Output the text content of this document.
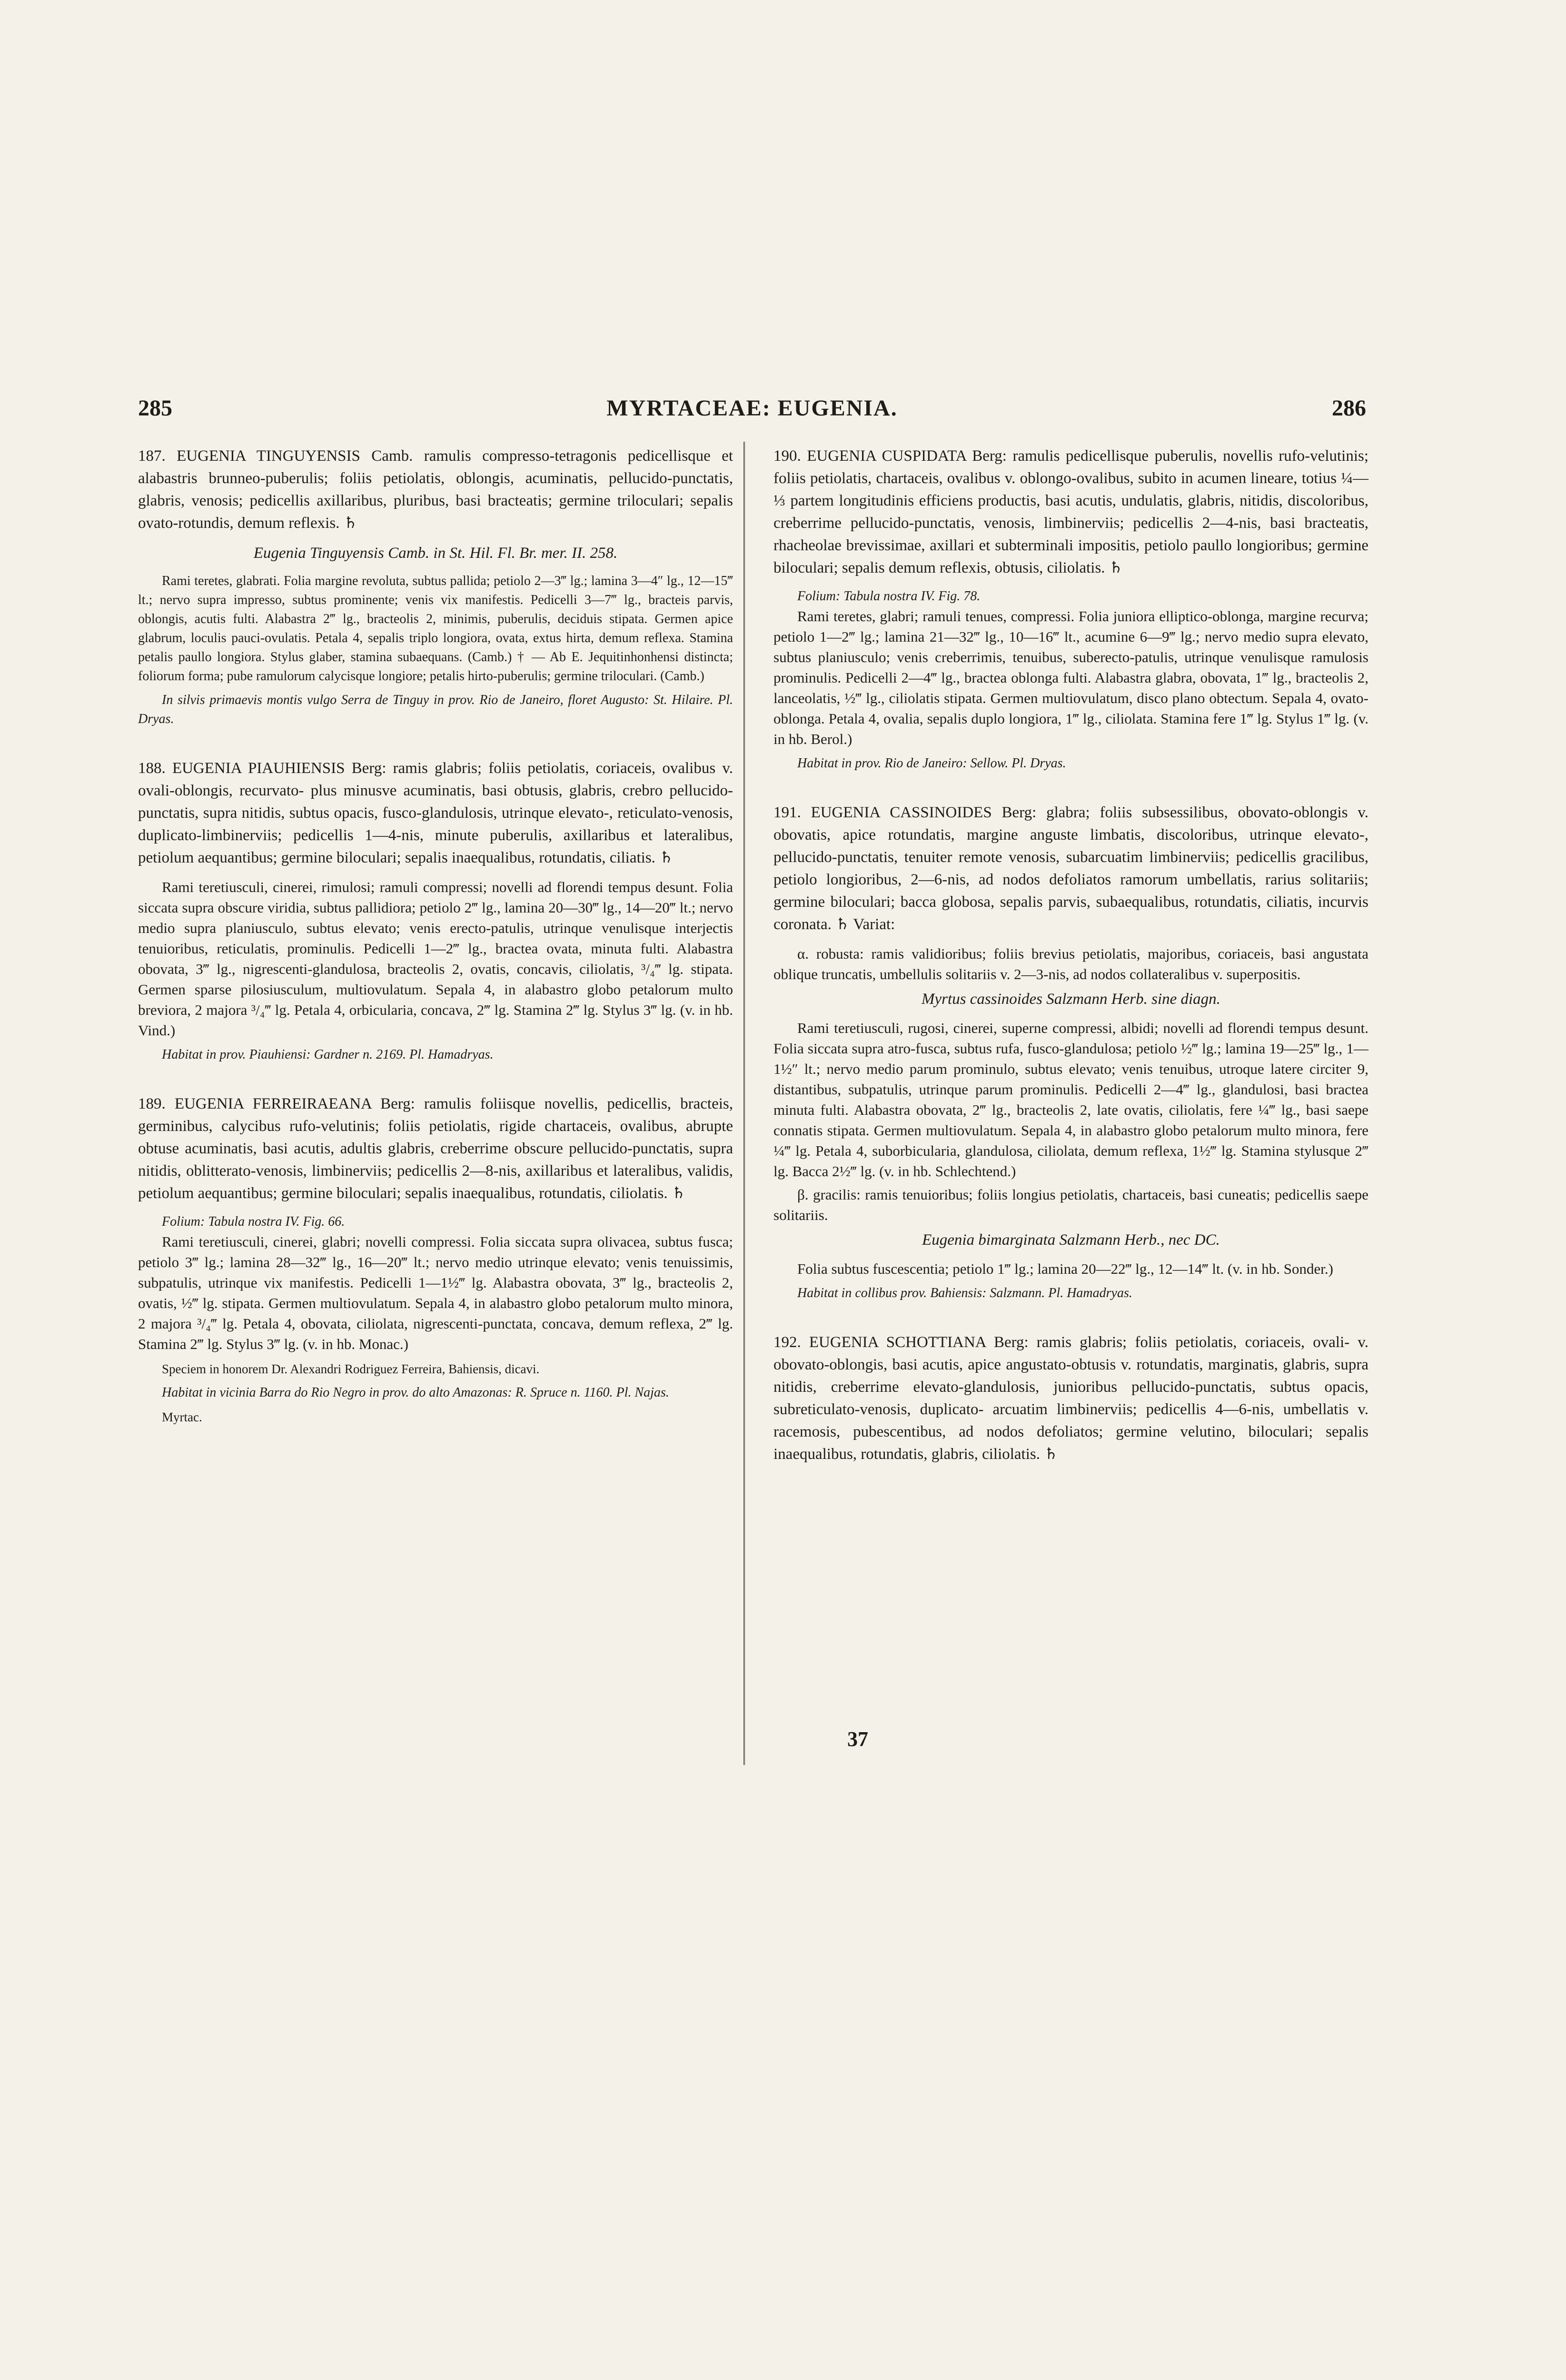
285	MYRTACEAE: EUGENIA.	286

187. EUGENIA TINGUYENSIS Camb. ramulis compresso-tetragonis pedicellisque et alabastris brunneo-puberulis; foliis petiolatis, oblongis, acuminatis, pellucido-punctatis, glabris, venosis; pedicellis axillaribus, pluribus, basi bracteatis; germine triloculari; sepalis ovato-rotundis, demum reflexis. ♄

Eugenia Tinguyensis Camb. in St. Hil. Fl. Br. mer. II. 258.

Rami teretes, glabrati. Folia margine revoluta, subtus pallida; petiolo 2—3‴ lg.; lamina 3—4″ lg., 12—15‴ lt.; nervo supra impresso, subtus prominente; venis vix manifestis. Pedicelli 3—7‴ lg., bracteis parvis, oblongis, acutis fulti. Alabastra 2‴ lg., bracteolis 2, minimis, puberulis, deciduis stipata. Germen apice glabrum, loculis pauci-ovulatis. Petala 4, sepalis triplo longiora, ovata, extus hirta, demum reflexa. Stamina petalis paullo longiora. Stylus glaber, stamina subaequans. (Camb.) † — Ab E. Jequitinhonhensi distincta; foliorum forma; pube ramulorum calycisque longiore; petalis hirto-puberulis; germine triloculari. (Camb.)

In silvis primaevis montis vulgo Serra de Tinguy in prov. Rio de Janeiro, floret Augusto: St. Hilaire. Pl. Dryas.

188. EUGENIA PIAUHIENSIS Berg: ramis glabris; foliis petiolatis, coriaceis, ovalibus v. ovali-oblongis, recurvato- plus minusve acuminatis, basi obtusis, glabris, crebro pellucido-punctatis, supra nitidis, subtus opacis, fusco-glandulosis, utrinque elevato-, reticulato-venosis, duplicato-limbinerviis; pedicellis 1—4-nis, minute puberulis, axillaribus et lateralibus, petiolum aequantibus; germine biloculari; sepalis inaequalibus, rotundatis, ciliatis. ♄

Rami teretiusculi, cinerei, rimulosi; ramuli compressi; novelli ad florendi tempus desunt. Folia siccata supra obscure viridia, subtus pallidiora; petiolo 2‴ lg., lamina 20—30‴ lg., 14—20‴ lt.; nervo medio supra planiusculo, subtus elevato; venis erecto-patulis, utrinque venulisque interjectis tenuioribus, reticulatis, prominulis. Pedicelli 1—2‴ lg., bractea ovata, minuta fulti. Alabastra obovata, 3‴ lg., nigrescenti-glandulosa, bracteolis 2, ovatis, concavis, ciliolatis, ³/₄‴ lg. stipata. Germen sparse pilosiusculum, multiovulatum. Sepala 4, in alabastro globo petalorum multo breviora, 2 majora ³/₄‴ lg. Petala 4, orbicularia, concava, 2‴ lg. Stamina 2‴ lg. Stylus 3‴ lg. (v. in hb. Vind.)

Habitat in prov. Piauhiensi: Gardner n. 2169. Pl. Hamadryas.

189. EUGENIA FERREIRAEANA Berg: ramulis foliisque novellis, pedicellis, bracteis, germinibus, calycibus rufo-velutinis; foliis petiolatis, rigide chartaceis, ovalibus, abrupte obtuse acuminatis, basi acutis, adultis glabris, creberrime obscure pellucido-punctatis, supra nitidis, oblitterato-venosis, limbinerviis; pedicellis 2—8-nis, axillaribus et lateralibus, validis, petiolum aequantibus; germine biloculari; sepalis inaequalibus, rotundatis, ciliolatis. ♄

Folium: Tabula nostra IV. Fig. 66.

Rami teretiusculi, cinerei, glabri; novelli compressi. Folia siccata supra olivacea, subtus fusca; petiolo 3‴ lg.; lamina 28—32‴ lg., 16—20‴ lt.; nervo medio utrinque elevato; venis tenuissimis, subpatulis, utrinque vix manifestis. Pedicelli 1—1½‴ lg. Alabastra obovata, 3‴ lg., bracteolis 2, ovatis, ½‴ lg. stipata. Germen multiovulatum. Sepala 4, in alabastro globo petalorum multo minora, 2 majora ³/₄‴ lg. Petala 4, obovata, ciliolata, nigrescenti-punctata, concava, demum reflexa, 2‴ lg. Stamina 2‴ lg. Stylus 3‴ lg. (v. in hb. Monac.)

Speciem in honorem Dr. Alexandri Rodriguez Ferreira, Bahiensis, dicavi.

Habitat in vicinia Barra do Rio Negro in prov. do alto Amazonas: R. Spruce n. 1160. Pl. Najas.

Myrtac.

190. EUGENIA CUSPIDATA Berg: ramulis pedicellisque puberulis, novellis rufo-velutinis; foliis petiolatis, chartaceis, ovalibus v. oblongo-ovalibus, subito in acumen lineare, totius ¼—⅓ partem longitudinis efficiens productis, basi acutis, undulatis, glabris, nitidis, discoloribus, creberrime pellucido-punctatis, venosis, limbinerviis; pedicellis 2—4-nis, basi bracteatis, rhacheolae brevissimae, axillari et subterminali impositis, petiolo paullo longioribus; germine biloculari; sepalis demum reflexis, obtusis, ciliolatis. ♄

Folium: Tabula nostra IV. Fig. 78.

Rami teretes, glabri; ramuli tenues, compressi. Folia juniora elliptico-oblonga, margine recurva; petiolo 1—2‴ lg.; lamina 21—32‴ lg., 10—16‴ lt., acumine 6—9‴ lg.; nervo medio supra elevato, subtus planiusculo; venis creberrimis, tenuibus, suberecto-patulis, utrinque venulisque ramulosis prominulis. Pedicelli 2—4‴ lg., bractea oblonga fulti. Alabastra glabra, obovata, 1‴ lg., bracteolis 2, lanceolatis, ½‴ lg., ciliolatis stipata. Germen multiovulatum, disco plano obtectum. Sepala 4, ovato-oblonga. Petala 4, ovalia, sepalis duplo longiora, 1‴ lg., ciliolata. Stamina fere 1‴ lg. Stylus 1‴ lg. (v. in hb. Berol.)

Habitat in prov. Rio de Janeiro: Sellow. Pl. Dryas.

191. EUGENIA CASSINOIDES Berg: glabra; foliis subsessilibus, obovato-oblongis v. obovatis, apice rotundatis, margine anguste limbatis, discoloribus, utrinque elevato-, pellucido-punctatis, tenuiter remote venosis, subarcuatim limbinerviis; pedicellis gracilibus, petiolo longioribus, 2—6-nis, ad nodos defoliatos ramorum umbellatis, rarius solitariis; germine biloculari; bacca globosa, sepalis parvis, subaequalibus, rotundatis, ciliatis, incurvis coronata. ♄ Variat:

α. robusta: ramis validioribus; foliis brevius petiolatis, majoribus, coriaceis, basi angustata oblique truncatis, umbellulis solitariis v. 2—3-nis, ad nodos collateralibus v. superpositis.

Myrtus cassinoides Salzmann Herb. sine diagn.

Rami teretiusculi, rugosi, cinerei, superne compressi, albidi; novelli ad florendi tempus desunt. Folia siccata supra atro-fusca, subtus rufa, fusco-glandulosa; petiolo ½‴ lg.; lamina 19—25‴ lg., 1—1½″ lt.; nervo medio parum prominulo, subtus elevato; venis tenuibus, utroque latere circiter 9, distantibus, subpatulis, utrinque parum prominulis. Pedicelli 2—4‴ lg., glandulosi, basi bractea minuta fulti. Alabastra obovata, 2‴ lg., bracteolis 2, late ovatis, ciliolatis, fere ¼‴ lg., basi saepe connatis stipata. Germen multiovulatum. Sepala 4, in alabastro globo petalorum multo minora, fere ¼‴ lg. Petala 4, suborbicularia, glandulosa, ciliolata, demum reflexa, 1½‴ lg. Stamina stylusque 2‴ lg. Bacca 2½‴ lg. (v. in hb. Schlechtend.)

β. gracilis: ramis tenuioribus; foliis longius petiolatis, chartaceis, basi cuneatis; pedicellis saepe solitariis.

Eugenia bimarginata Salzmann Herb., nec DC.

Folia subtus fuscescentia; petiolo 1‴ lg.; lamina 20—22‴ lg., 12—14‴ lt. (v. in hb. Sonder.)

Habitat in collibus prov. Bahiensis: Salzmann. Pl. Hamadryas.

192. EUGENIA SCHOTTIANA Berg: ramis glabris; foliis petiolatis, coriaceis, ovali- v. obovato-oblongis, basi acutis, apice angustato-obtusis v. rotundatis, marginatis, glabris, supra nitidis, creberrime elevato-glandulosis, junioribus pellucido-punctatis, subtus opacis, subreticulato-venosis, duplicato- arcuatim limbinerviis; pedicellis 4—6-nis, umbellatis v. racemosis, pubescentibus, ad nodos defoliatos; germine velutino, biloculari; sepalis inaequalibus, rotundatis, glabris, ciliolatis. ♄

37
